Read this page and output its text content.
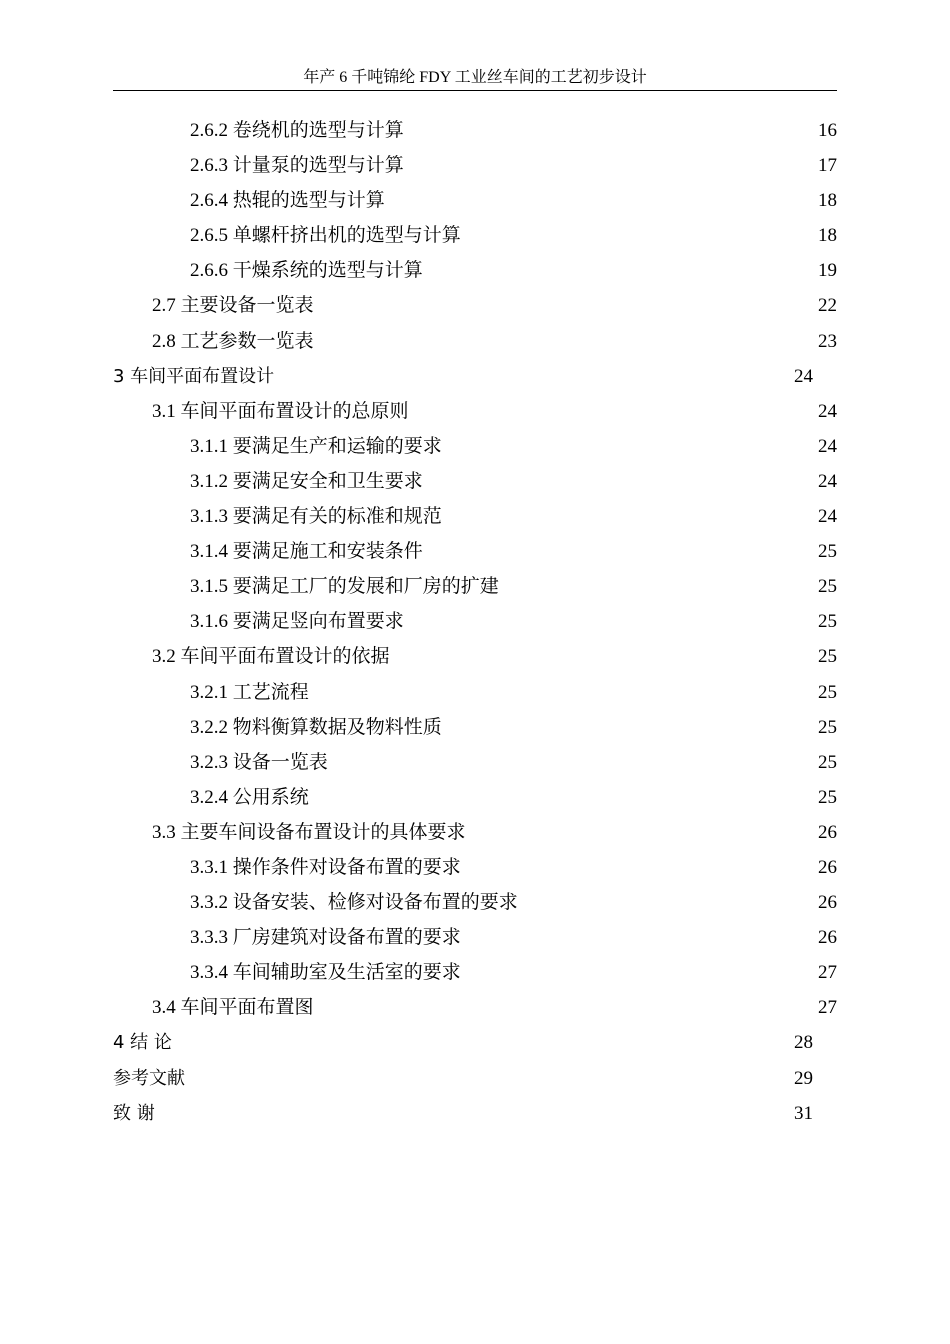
年产 6 千吨锦纶 FDY 工业丝车间的工艺初步设计
2.6.2 卷绕机的选型与计算	16
2.6.3 计量泵的选型与计算	17
2.6.4 热辊的选型与计算	18
2.6.5 单螺杆挤出机的选型与计算	18
2.6.6 干燥系统的选型与计算	19
2.7 主要设备一览表	22
2.8 工艺参数一览表	23
3 车间平面布置设计	24
3.1 车间平面布置设计的总原则	24
3.1.1 要满足生产和运输的要求	24
3.1.2 要满足安全和卫生要求	24
3.1.3 要满足有关的标准和规范	24
3.1.4 要满足施工和安装条件	25
3.1.5 要满足工厂的发展和厂房的扩建	25
3.1.6 要满足竖向布置要求	25
3.2 车间平面布置设计的依据	25
3.2.1 工艺流程	25
3.2.2 物料衡算数据及物料性质	25
3.2.3 设备一览表	25
3.2.4 公用系统	25
3.3 主要车间设备布置设计的具体要求	26
3.3.1 操作条件对设备布置的要求	26
3.3.2 设备安装、检修对设备布置的要求	26
3.3.3 厂房建筑对设备布置的要求	26
3.3.4 车间辅助室及生活室的要求	27
3.4 车间平面布置图	27
4 结 论	28
参考文献	29
致 谢	31
